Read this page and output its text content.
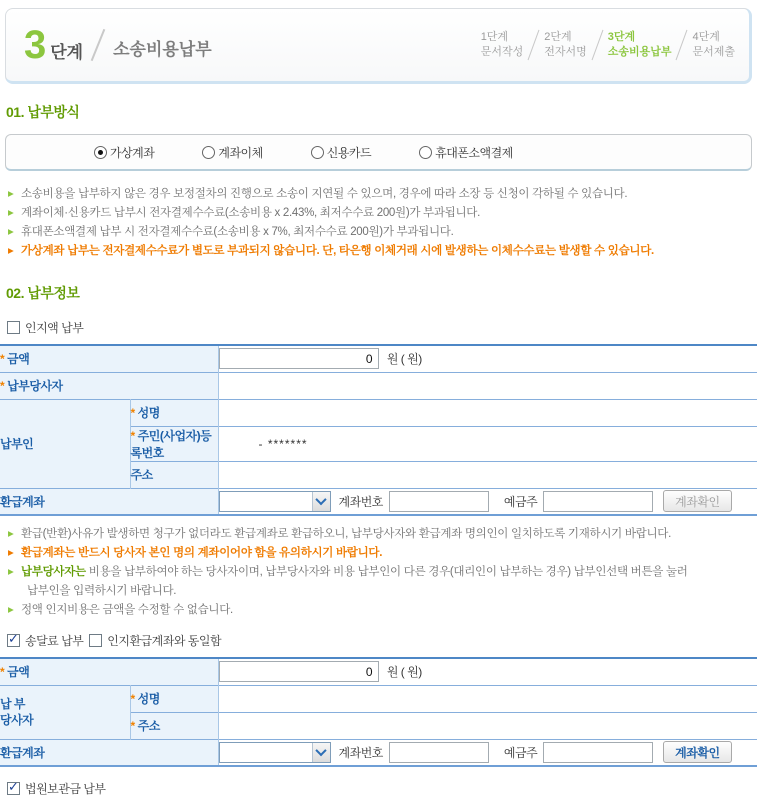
3 단계 소송비용납부
1단계
문서작성
2단계
전자서명
3단계
소송비용납부
4단계
문서제출
01. 납부방식
가상계좌	계좌이체	신용카드	휴대폰소액결제
▸ 소송비용을 납부하지 않은 경우 보정절차의 진행으로 소송이 지연될 수 있으며, 경우에 따라 소장 등 신청이 각하될 수 있습니다.
▸ 계좌이체·신용카드 납부시 전자결제수수료(소송비용 x 2.43%, 최저수수료 200원)가 부과됩니다.
▸ 휴대폰소액결제 납부 시 전자결제수수료(소송비용 x 7%, 최저수수료 200원)가 부과됩니다.
▸ 가상계좌 납부는 전자결제수수료가 별도로 부과되지 않습니다. 단, 타은행 이체거래 시에 발생하는 이체수수료는 발생할 수 있습니다.
02. 납부정보
인지액 납부
* 금액	0원 ( 원)
* 납부당사자		
납부인	* 성명	
	* 주민(사업자)등록번호	- *******
	주소	
환급계좌		계좌번호 예금주 계좌확인
▸ 환급(반환)사유가 발생하면 청구가 없더라도 환급계좌로 환급하오니, 납부당사자와 환급계좌 명의인이 일치하도록 기재하시기 바랍니다.
▸ 환급계좌는 반드시 당사자 본인 명의 계좌이어야 함을 유의하시기 바랍니다.
▸ 납부당사자는 비용을 납부하여야 하는 당사자이며, 납부당사자와 비용 납부인이 다른 경우(대리인이 납부하는 경우) 납부인선택 버튼을 눌러
납부인을 입력하시기 바랍니다.
▸ 정액 인지비용은 금액을 수정할 수 없습니다.
✓
송달료 납부 인지환급계좌와 동일함
* 금액	0원 ( 원)

납 부
당사자	* 성명	
	* 주소	
환급계좌		계좌번호 예금주 계좌확인
✓
법원보관금 납부
